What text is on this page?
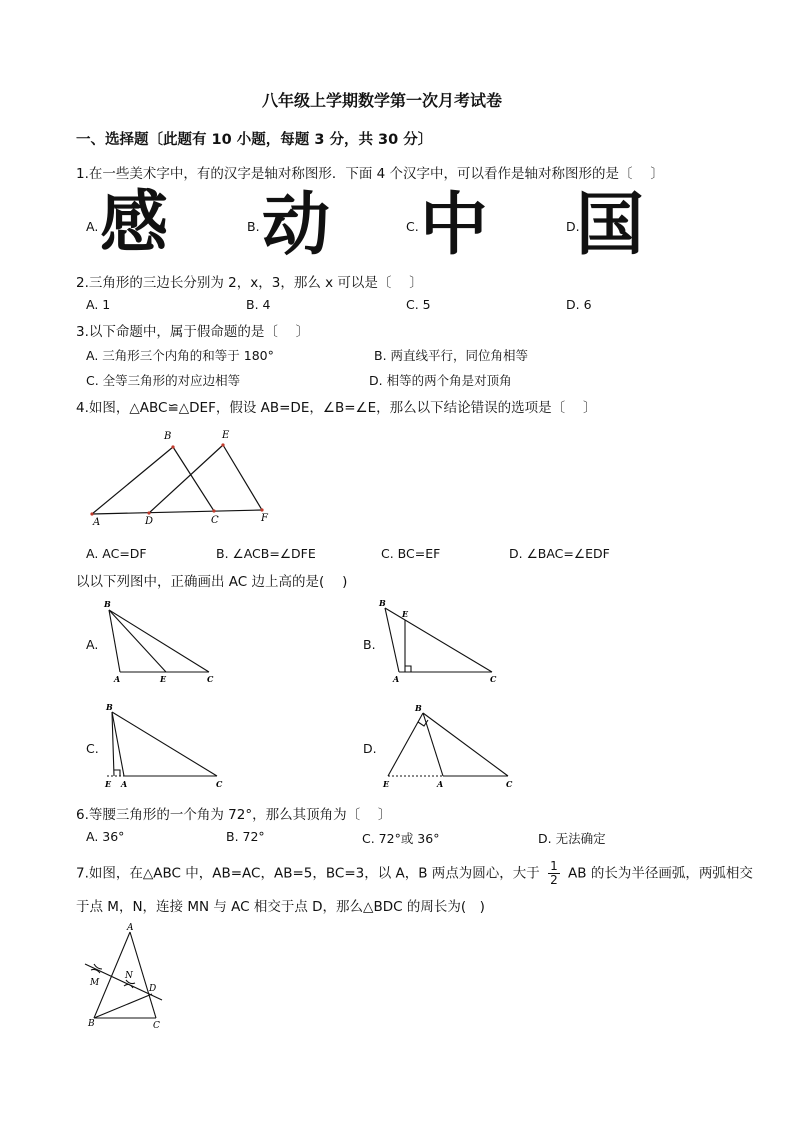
八年级上学期数学第一次月考试卷
一、选择题〔此题有 10 小题，每题 3 分，共 30 分〕
1.在一些美术字中，有的汉字是轴对称图形．下面 4 个汉字中，可以看作是轴对称图形的是〔 　〕
A. 感	B. 动	C. 中	D.
国
2.三角形的三边长分别为 2，x，3，那么 x 可以是〔 　〕
A. 1	B. 4	C. 5	D. 6
3.以下命题中，属于假命题的是〔 　〕
A. 三角形三个内角的和等于 180°	B. 两直线平行，同位角相等
C. 全等三角形的对应边相等	D. 相等的两个角是对顶角
4.如图，△ABC≌△DEF，假设 AB=DE，∠B=∠E，那么以下结论错误的选项是〔 　〕
A
B
C
D
E
F
A. AC=DF	B. ∠ACB=∠DFE	C. BC=EF	D. ∠BAC=∠EDF
以以下列图中，正确画出 AC 边上高的是( 　)
A.
B
A	E	C
B.
B
E
A	C
C.
B
E A	C
D.
B
E	A	C
6.等腰三角形的一个角为 72°，那么其顶角为〔 　〕
A. 36°	B. 72°	C. 72°或 36°	D. 无法确定
7.如图，在△ABC 中，AB=AC，AB=5，BC=3，以 A，B 两点为圆心，大于 $\frac{1}{2}$ AB 的长为半径画弧，两弧相交
于点 M，N，连接 MN 与 AC 相交于点 D，那么△BDC 的周长为(　)
A
M
N
D
B	C
